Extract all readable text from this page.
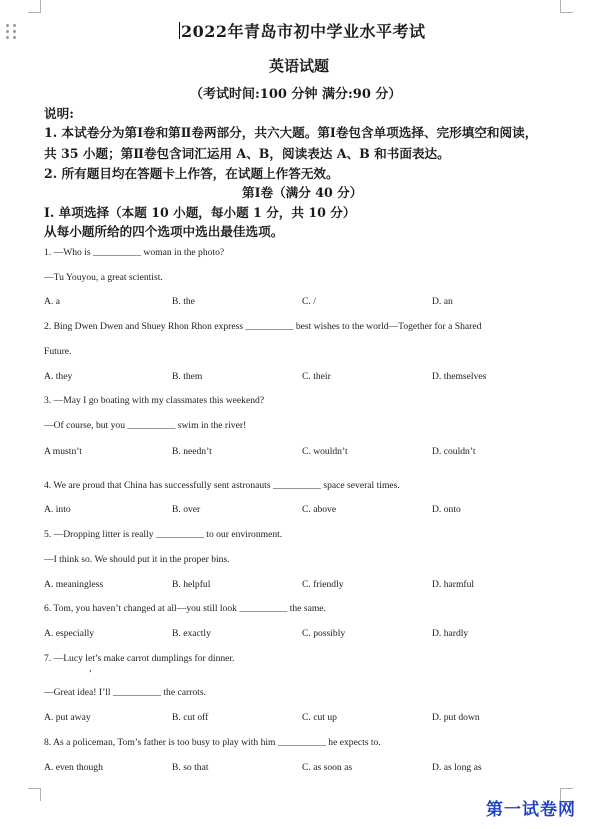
2022年青岛市初中学业水平考试
英语试题
（考试时间:100 分钟 满分:90 分）
说明:
1. 本试卷分为第Ⅰ卷和第Ⅱ卷两部分，共六大题。第Ⅰ卷包含单项选择、完形填空和阅读，
共 35 小题；第Ⅱ卷包含词汇运用 A、B，阅读表达 A、B 和书面表达。
2. 所有题目均在答题卡上作答，在试题上作答无效。
第Ⅰ卷（满分 40 分）
I. 单项选择（本题 10 小题，每小题 1 分，共 10 分）
从每小题所给的四个选项中选出最佳选项。
1. —Who is __________ woman in the photo?
—Tu Youyou, a great scientist.
A. a	B. the	C. /	D. an
2. Bing Dwen Dwen and Shuey Rhon Rhon express __________ best wishes to the world—Together for a Shared
Future.
A. they	B. them	C. their	D. themselves
3. —May I go boating with my classmates this weekend?
—Of course, but you __________ swim in the river!
A mustn’t	B. needn’t	C. wouldn’t	D. couldn’t
4. We are proud that China has successfully sent astronauts __________ space several times.
A. into	B. over	C. above	D. onto
5. —Dropping litter is really __________ to our environment.
—I think so. We should put it in the proper bins.
A. meaningless	B. helpful	C. friendly	D. harmful
6. Tom, you haven’t changed at all—you still look __________ the same.
A. especially	B. exactly	C. possibly	D. hardly
7. —Lucy let’s make carrot dumplings for dinner.
,
—Great idea! I’ll __________ the carrots.
A. put away	B. cut off	C. cut up	D. put down
8. As a policeman, Tom’s father is too busy to play with him __________ he expects to.
A. even though	B. so that	C. as soon as	D. as long as
第一试卷网
